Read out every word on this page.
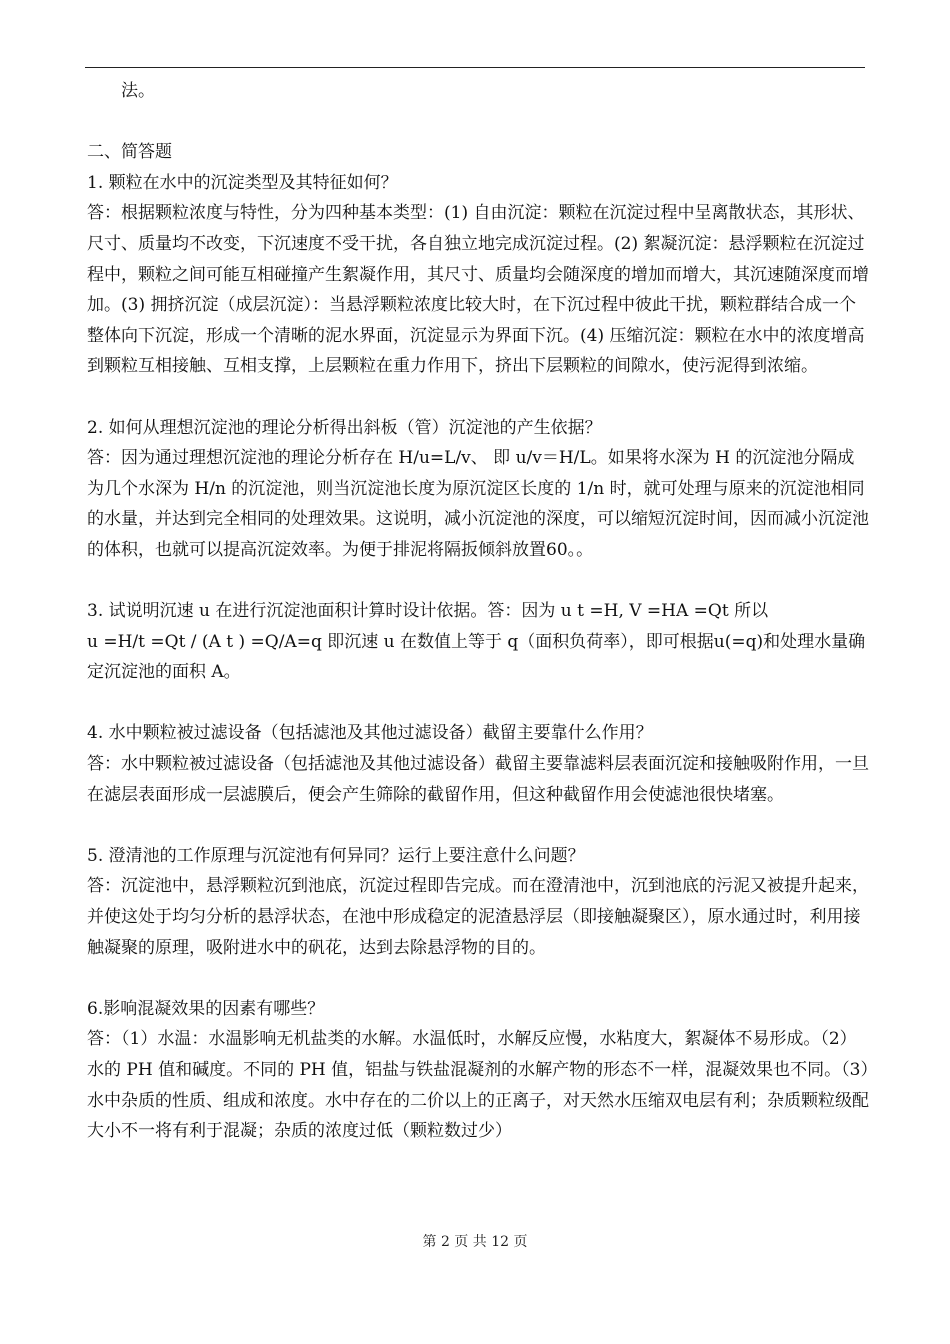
法。

二、简答题

1. 颗粒在水中的沉淀类型及其特征如何？

答：根据颗粒浓度与特性，分为四种基本类型：(1) 自由沉淀：颗粒在沉淀过程中呈离散状态，其形状、尺寸、质量均不改变，下沉速度不受干扰，各自独立地完成沉淀过程。(2) 絮凝沉淀：悬浮颗粒在沉淀过程中，颗粒之间可能互相碰撞产生絮凝作用，其尺寸、质量均会随深度的增加而增大，其沉速随深度而增加。(3) 拥挤沉淀（成层沉淀）：当悬浮颗粒浓度比较大时，在下沉过程中彼此干扰，颗粒群结合成一个整体向下沉淀，形成一个清晰的泥水界面，沉淀显示为界面下沉。(4) 压缩沉淀：颗粒在水中的浓度增高到颗粒互相接触、互相支撑，上层颗粒在重力作用下，挤出下层颗粒的间隙水，使污泥得到浓缩。

2. 如何从理想沉淀池的理论分析得出斜板（管）沉淀池的产生依据？

答：因为通过理想沉淀池的理论分析存在 H/u=L/v、 即 u/v＝H/L。如果将水深为 H 的沉淀池分隔成为几个水深为 H/n 的沉淀池，则当沉淀池长度为原沉淀区长度的 1/n 时，就可处理与原来的沉淀池相同的水量，并达到完全相同的处理效果。这说明，减小沉淀池的深度，可以缩短沉淀时间，因而减小沉淀池的体积，也就可以提高沉淀效率。为便于排泥将隔扳倾斜放置60。。

3. 试说明沉速 u 在进行沉淀池面积计算时设计依据。答：因为 u t =H, V =HA =Qt 所以

u =H/t =Qt / (A t ) =Q/A=q 即沉速 u 在数值上等于 q（面积负荷率），即可根据u(=q)和处理水量确定沉淀池的面积 A。

4. 水中颗粒被过滤设备（包括滤池及其他过滤设备）截留主要靠什么作用？

答：水中颗粒被过滤设备（包括滤池及其他过滤设备）截留主要靠滤料层表面沉淀和接触吸附作用，一旦在滤层表面形成一层滤膜后，便会产生筛除的截留作用，但这种截留作用会使滤池很快堵塞。

5. 澄清池的工作原理与沉淀池有何异同？运行上要注意什么问题？

答：沉淀池中，悬浮颗粒沉到池底，沉淀过程即告完成。而在澄清池中，沉到池底的污泥又被提升起来，并使这处于均匀分析的悬浮状态，在池中形成稳定的泥渣悬浮层（即接触凝聚区），原水通过时，利用接触凝聚的原理，吸附进水中的矾花，达到去除悬浮物的目的。

6.影响混凝效果的因素有哪些？

答：（1）水温：水温影响无机盐类的水解。水温低时，水解反应慢，水粘度大，絮凝体不易形成。（2）水的 PH 值和碱度。不同的 PH 值，铝盐与铁盐混凝剂的水解产物的形态不一样，混凝效果也不同。（3）水中杂质的性质、组成和浓度。水中存在的二价以上的正离子，对天然水压缩双电层有利；杂质颗粒级配大小不一将有利于混凝；杂质的浓度过低（颗粒数过少）

第 2 页 共 12 页
